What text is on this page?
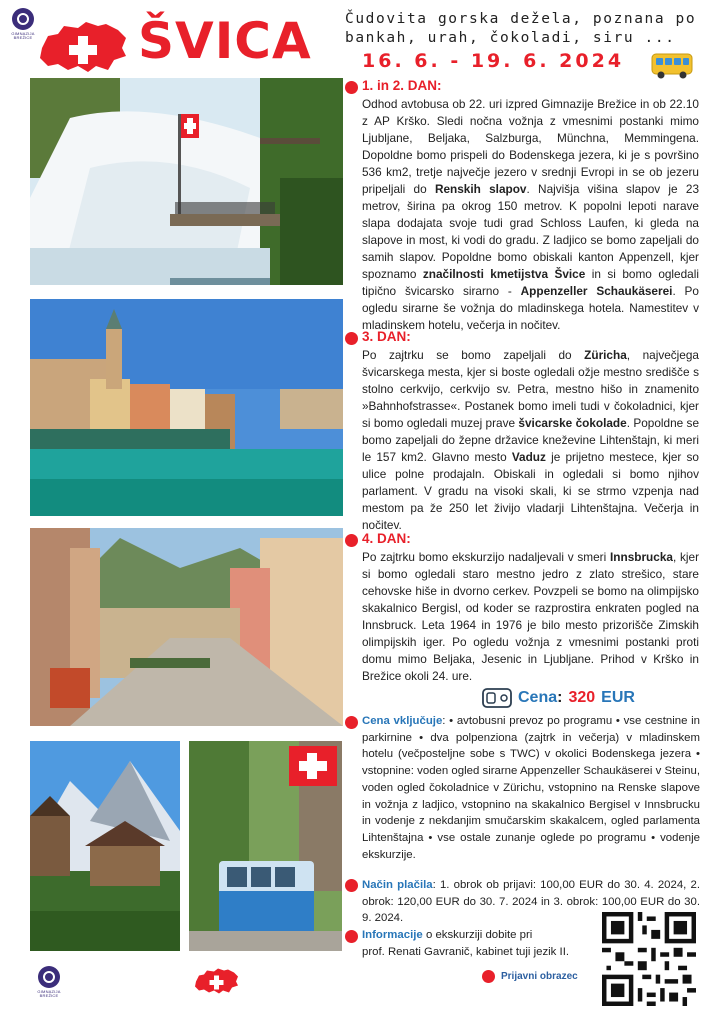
GIMNAZIJA BREŽICE ŠVICA Čudovita gorska dežela, poznana po bankah, urah, čokoladi, siru ...
16. 6. - 19. 6. 2024
1. in 2. DAN:
Odhod avtobusa ob 22. uri izpred Gimnazije Brežice in ob 22.10 z AP Krško. Sledi nočna vožnja z vmesnimi postanki mimo Ljubljane, Beljaka, Salzburga, Münchna, Memmingena. Dopoldne bomo prispeli do Bodenskega jezera, ki je s površino 536 km2, tretje največje jezero v srednji Evropi in se ob jezeru pripeljali do Renskih slapov. Najvišja višina slapov je 23 metrov, širina pa okrog 150 metrov. K popolni lepoti narave slapa dodajata svoje tudi grad Schloss Laufen, ki gleda na slapove in most, ki vodi do gradu. Z ladjico se bomo zapeljali do samih slapov. Popoldne bomo obiskali kanton Appenzell, kjer spoznamo značilnosti kmetijstva Švice in si bomo ogledali tipično švicarsko sirarno - Appenzeller Schaukäserei. Po ogledu sirarne še vožnja do mladinskega hotela. Namestitev v mladinskem hotelu, večerja in nočitev.
3. DAN:
Po zajtrku se bomo zapeljali do Züricha, največjega švicarskega mesta, kjer si boste ogledali ožje mestno središče s stolno cerkvijo, cerkvijo sv. Petra, mestno hišo in znamenito »Bahnhofstrasse«. Postanek bomo imeli tudi v čokoladnici, kjer si bomo ogledali muzej prave švicarske čokolade. Popoldne se bomo zapeljali do žepne državice kneževine Lihtenštajn, ki meri le 157 km2. Glavno mesto Vaduz je prijetno mestece, kjer so ulice polne prodajaln. Obiskali in ogledali si bomo njihov parlament. V gradu na visoki skali, ki se strmo vzpenja nad mestom pa že 250 let živijo vladarji Lihtenštajna. Večerja in nočitev.
4. DAN:
Po zajtrku bomo ekskurzijo nadaljevali v smeri Innsbrucka, kjer si bomo ogledali staro mestno jedro z zlato strešico, stare cehovske hiše in dvorno cerkev. Povzpeli se bomo na olimpijsko skakalnico Bergisl, od koder se razprostira enkraten pogled na Innsbruck. Leta 1964 in 1976 je bilo mesto prizorišče Zimskih olimpijskih iger. Po ogledu vožnja z vmesnimi postanki proti domu mimo Beljaka, Jesenic in Ljubljane. Prihod v Krško in Brežice okoli 24. ure.
Cena: 320 EUR
Cena vključuje: • avtobusni prevoz po programu • vse cestnine in parkirnine • dva polpenziona (zajtrk in večerja) v mladinskem hotelu (večposteljne sobe s TWC) v okolici Bodenskega jezera • vstopnine: voden ogled sirarne Appenzeller Schaukäserei v Steinu, voden ogled čokoladnice v Zürichu, vstopnino na Renske slapove in vožnja z ladjico, vstopnino na skakalnico Bergisel v Innsbrucku in vodenje z nekdanjim smučarskim skakalcem, ogled parlamenta Lihtenštajna • vse ostale zunanje oglede po programu • vodenje ekskurzije.
Način plačila: 1. obrok ob prijavi: 100,00 EUR do 30. 4. 2024, 2. obrok: 120,00 EUR do 30. 7. 2024 in 3. obrok: 100,00 EUR do 30. 9. 2024.
Informacije o ekskurziji dobite pri
prof. Renati Gavranič, kabinet tuji jezik II.
Prijavni obrazec
GIMNAZIJA BREŽICE
